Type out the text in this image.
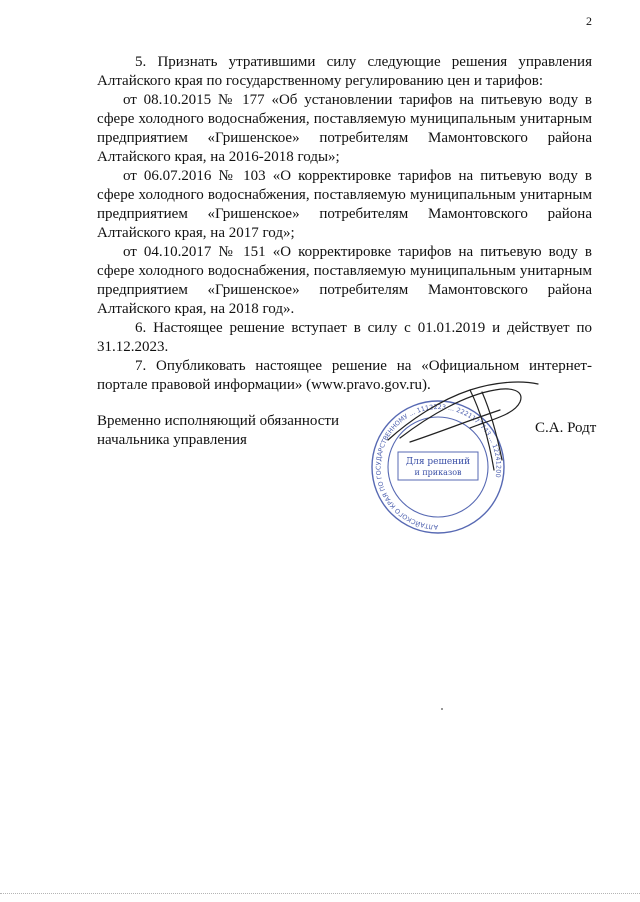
2

5. Признать утратившими силу следующие решения управления Алтайского края по государственному регулированию цен и тарифов:

от 08.10.2015 № 177 «Об установлении тарифов на питьевую воду в сфере холодного водоснабжения, поставляемую муниципальным унитарным предприятием «Гришенское» потребителям Мамонтовского района Алтайского края, на 2016-2018 годы»;

от 06.07.2016 № 103 «О корректировке тарифов на питьевую воду в сфере холодного водоснабжения, поставляемую муниципальным унитарным предприятием «Гришенское» потребителям Мамонтовского района Алтайского края, на 2017 год»;

от 04.10.2017 № 151 «О корректировке тарифов на питьевую воду в сфере холодного водоснабжения, поставляемую муниципальным унитарным предприятием «Гришенское» потребителям Мамонтовского района Алтайского края, на 2018 год».

6. Настоящее решение вступает в силу с 01.01.2019 и действует по 31.12.2023.

7. Опубликовать настоящее решение на «Официальном интернет-портале правовой информации» (www.pravo.gov.ru).

Временно исполняющий обязанности
начальника управления
АЛТАЙСКОГО КРАЯ ПО ГОСУДАРСТВЕННОМУ ... 1112223 ... 2221177743 ... 12241200
Для решений
и приказов
С.А. Родт
